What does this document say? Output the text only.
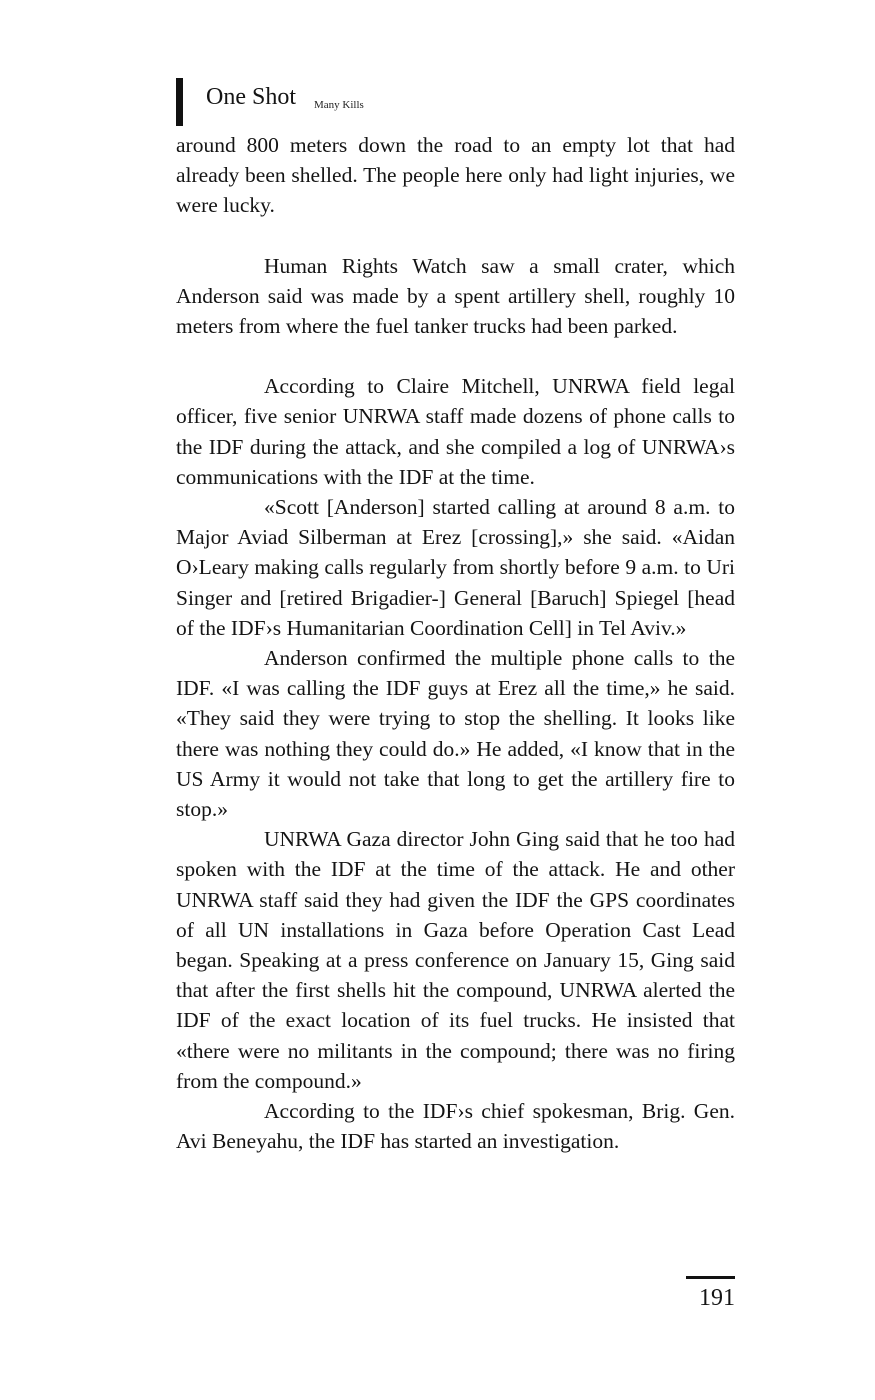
One Shot Many Kills

around 800 meters down the road to an empty lot that had already been shelled. The people here only had light injuries, we were lucky.

Human Rights Watch saw a small crater, which Anderson said was made by a spent artillery shell, roughly 10 meters from where the fuel tanker trucks had been parked.

According to Claire Mitchell, UNRWA field legal officer, five senior UNRWA staff made dozens of phone calls to the IDF during the attack, and she compiled a log of UNRWA›s communications with the IDF at the time.

«Scott [Anderson] started calling at around 8 a.m. to Major Aviad Silberman at Erez [crossing],» she said. «Aidan O›Leary making calls regularly from shortly before 9 a.m. to Uri Singer and [retired Brigadier-] General [Baruch] Spiegel [head of the IDF›s Humanitarian Coordination Cell] in Tel Aviv.»

Anderson confirmed the multiple phone calls to the IDF. «I was calling the IDF guys at Erez all the time,» he said. «They said they were trying to stop the shelling. It looks like there was nothing they could do.» He added, «I know that in the US Army it would not take that long to get the artillery fire to stop.»

UNRWA Gaza director John Ging said that he too had spoken with the IDF at the time of the attack. He and other UNRWA staff said they had given the IDF the GPS coordinates of all UN installations in Gaza before Operation Cast Lead began. Speaking at a press conference on January 15, Ging said that after the first shells hit the compound, UNRWA alerted the IDF of the exact location of its fuel trucks. He insisted that «there were no militants in the compound; there was no firing from the compound.»

According to the IDF›s chief spokesman, Brig. Gen. Avi Beneyahu, the IDF has started an investigation.

191
